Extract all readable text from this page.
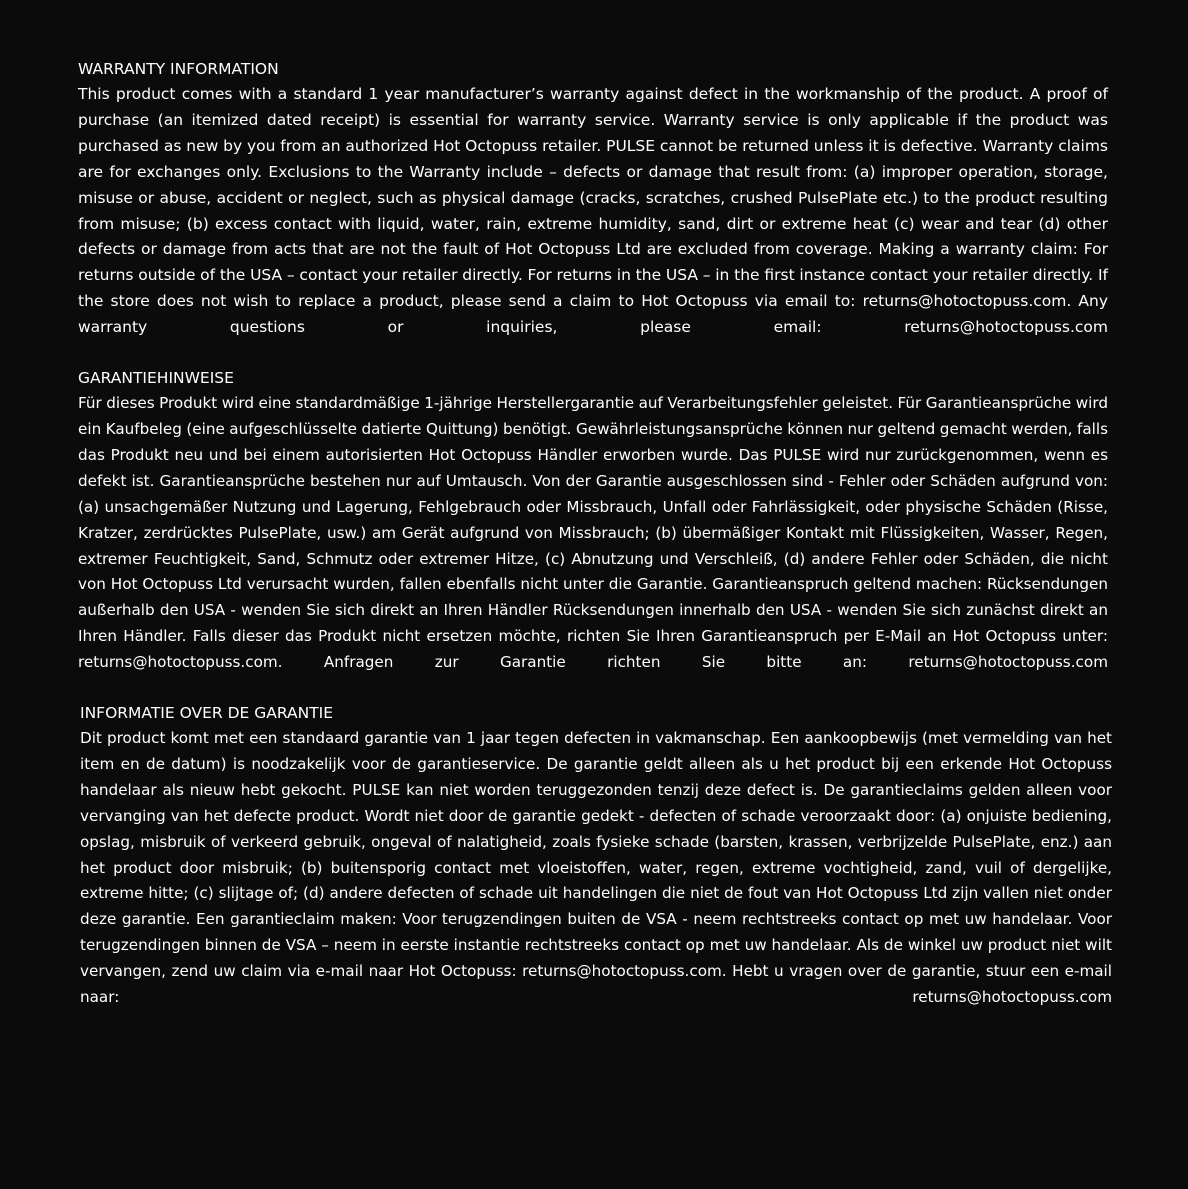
WARRANTY INFORMATION

This product comes with a standard 1 year manufacturer’s warranty against defect in the workmanship of the product. A proof of purchase (an itemized dated receipt) is essential for warranty service. Warranty service is only applicable if the product was purchased as new by you from an authorized Hot Octopuss retailer. PULSE cannot be returned unless it is defective. Warranty claims are for exchanges only. Exclusions to the Warranty include – defects or damage that result from: (a) improper operation, storage, misuse or abuse, accident or neglect, such as physical damage (cracks, scratches, crushed PulsePlate etc.) to the product resulting from misuse; (b) excess contact with liquid, water, rain, extreme humidity, sand, dirt or extreme heat (c) wear and tear (d) other defects or damage from acts that are not the fault of Hot Octopuss Ltd are excluded from coverage. Making a warranty claim: For returns outside of the USA – contact your retailer directly. For returns in the USA – in the first instance contact your retailer directly. If the store does not wish to replace a product, please send a claim to Hot Octopuss via email to: returns@hotoctopuss.com. Any warranty questions or inquiries, please email: returns@hotoctopuss.com

GARANTIEHINWEISE

Für dieses Produkt wird eine standardmäßige 1-jährige Herstellergarantie auf Verarbeitungsfehler geleistet. Für Garantieansprüche wird ein Kaufbeleg (eine aufgeschlüsselte datierte Quittung) benötigt. Gewährleistungsansprüche können nur geltend gemacht werden, falls das Produkt neu und bei einem autorisierten Hot Octopuss Händler erworben wurde. Das PULSE wird nur zurückgenommen, wenn es defekt ist. Garantieansprüche bestehen nur auf Umtausch. Von der Garantie ausgeschlossen sind - Fehler oder Schäden aufgrund von: (a) unsachgemäßer Nutzung und Lagerung, Fehlgebrauch oder Missbrauch, Unfall oder Fahrlässigkeit, oder physische Schäden (Risse, Kratzer, zerdrücktes PulsePlate, usw.) am Gerät aufgrund von Missbrauch; (b) übermäßiger Kontakt mit Flüssigkeiten, Wasser, Regen, extremer Feuchtigkeit, Sand, Schmutz oder extremer Hitze, (c) Abnutzung und Verschleiß, (d) andere Fehler oder Schäden, die nicht von Hot Octopuss Ltd verursacht wurden, fallen ebenfalls nicht unter die Garantie. Garantieanspruch geltend machen: Rücksendungen außerhalb den USA - wenden Sie sich direkt an Ihren Händler Rücksendungen innerhalb den USA - wenden Sie sich zunächst direkt an Ihren Händler. Falls dieser das Produkt nicht ersetzen möchte, richten Sie Ihren Garantieanspruch per E-Mail an Hot Octopuss unter: returns@hotoctopuss.com. Anfragen zur Garantie richten Sie bitte an: returns@hotoctopuss.com

INFORMATIE OVER DE GARANTIE

Dit product komt met een standaard garantie van 1 jaar tegen defecten in vakmanschap. Een aankoopbewijs (met vermelding van het item en de datum) is noodzakelijk voor de garantieservice. De garantie geldt alleen als u het product bij een erkende Hot Octopuss handelaar als nieuw hebt gekocht. PULSE kan niet worden teruggezonden tenzij deze defect is. De garantieclaims gelden alleen voor vervanging van het defecte product. Wordt niet door de garantie gedekt - defecten of schade veroorzaakt door: (a) onjuiste bediening, opslag, misbruik of verkeerd gebruik, ongeval of nalatigheid, zoals fysieke schade (barsten, krassen, verbrijzelde PulsePlate, enz.) aan het product door misbruik; (b) buitensporig contact met vloeistoffen, water, regen, extreme vochtigheid, zand, vuil of dergelijke, extreme hitte; (c) slijtage of; (d) andere defecten of schade uit handelingen die niet de fout van Hot Octopuss Ltd zijn vallen niet onder deze garantie. Een garantieclaim maken: Voor terugzendingen buiten de VSA - neem rechtstreeks contact op met uw handelaar. Voor terugzendingen binnen de VSA – neem in eerste instantie rechtstreeks contact op met uw handelaar. Als de winkel uw product niet wilt vervangen, zend uw claim via e-mail naar Hot Octopuss: returns@hotoctopuss.com. Hebt u vragen over de garantie, stuur een e-mail naar: returns@hotoctopuss.com
